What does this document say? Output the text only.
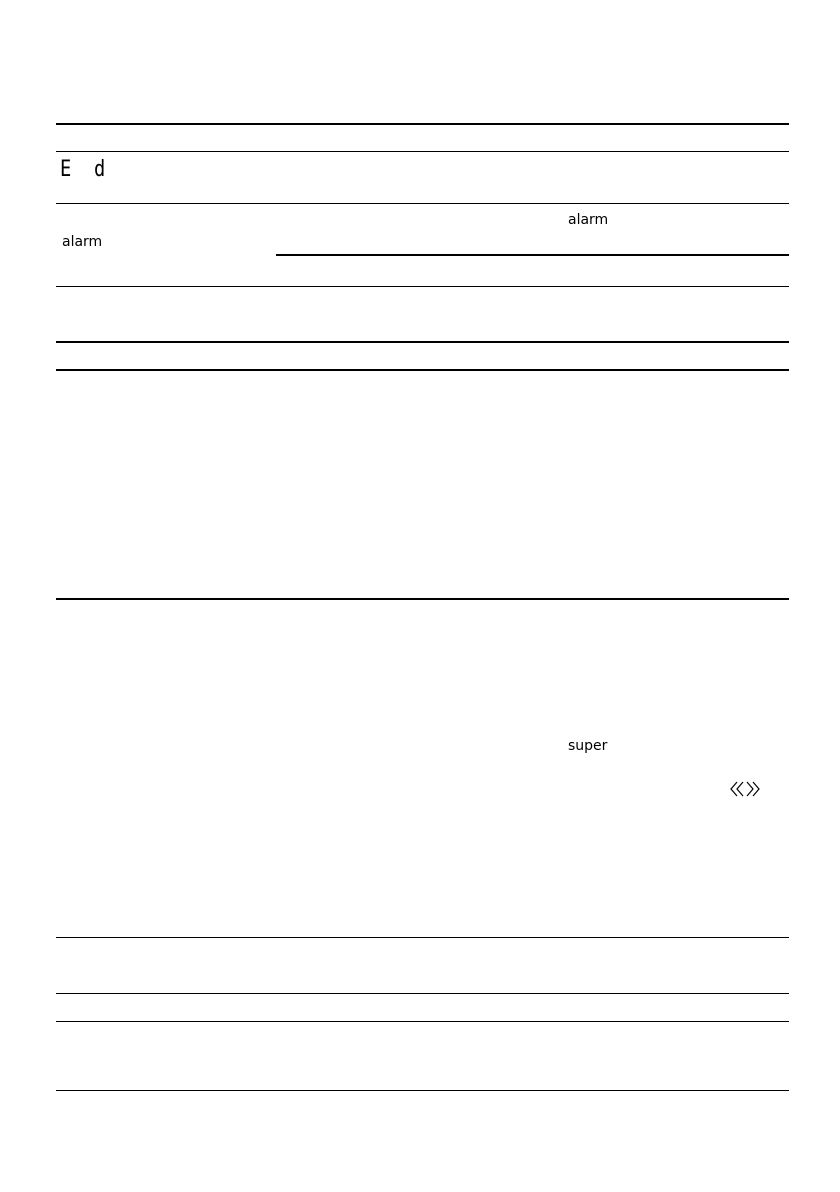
E d
alarm
alarm
super
